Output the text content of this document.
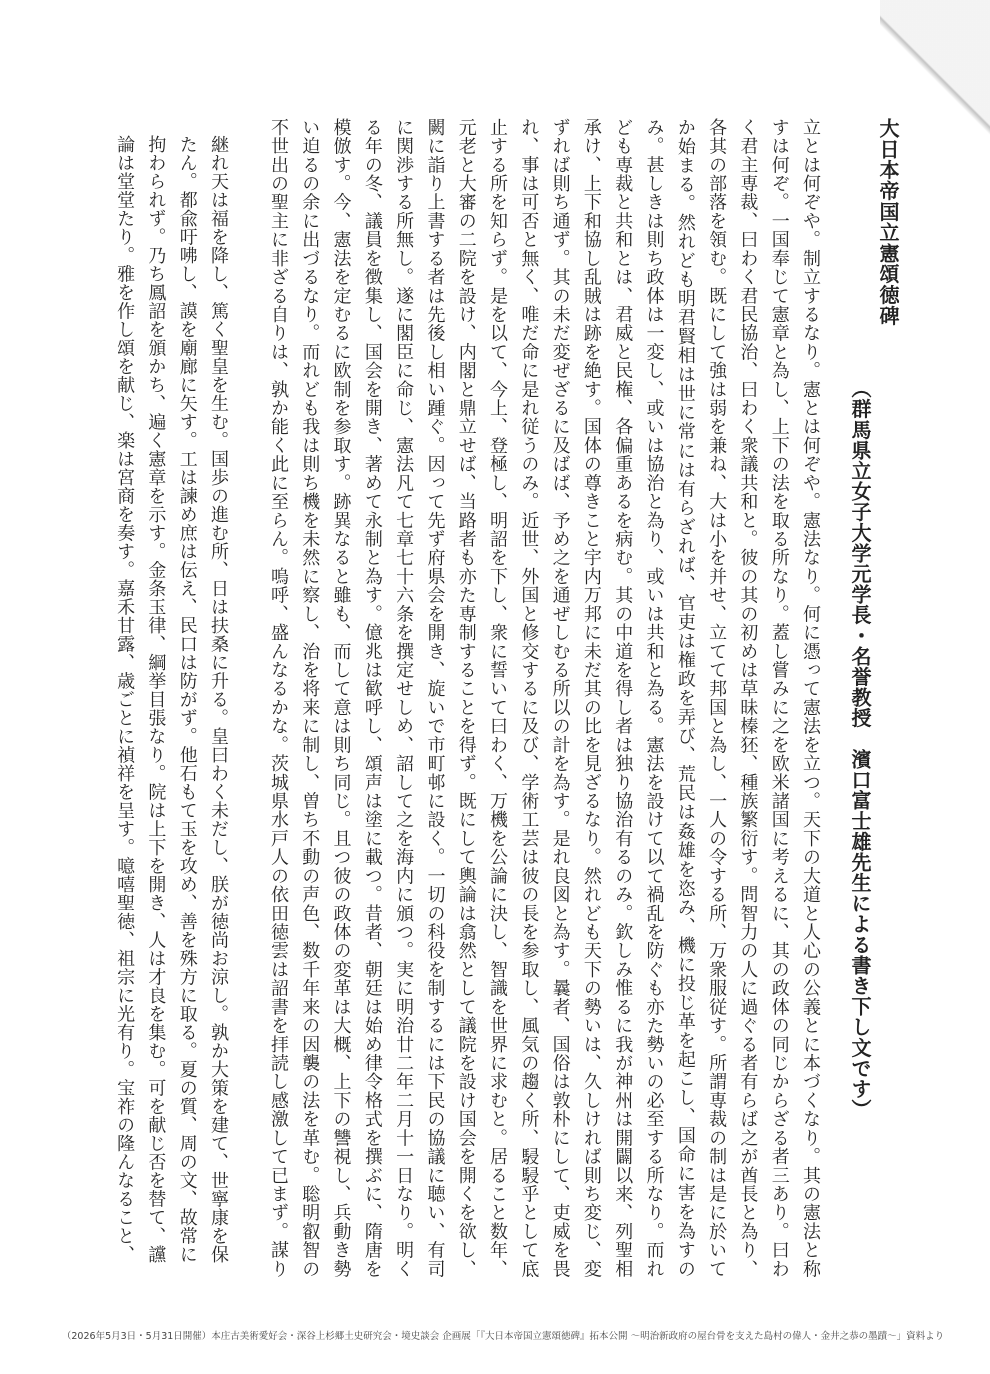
大日本帝国立憲頌徳碑
（群馬県立女子大学元学長・名誉教授　濱口富士雄先生による書き下し文です）
立とは何ぞや。制立するなり。憲とは何ぞや。憲法なり。何に憑って憲法を立つ。天下の大道と人心の公義とに本づくなり。其の憲法と称すは何ぞ。一国奉じて憲章と為し、上下の法を取る所なり。蓋し嘗みに之を欧米諸国に考えるに、其の政体の同じからざる者三あり。曰わく君主専裁、曰わく君民協治、曰わく衆議共和と。彼の其の初めは草昧榛狉、種族繁衍す。問智力の人に過ぐる者有らば之が酋長と為り、各其の部落を領む。既にして強は弱を兼ね、大は小を并せ、立てて邦国と為し、一人の令する所、万衆服従す。所謂専裁の制は是に於いてか始まる。然れども明君賢相は世に常には有らざれば、官吏は権政を弄び、荒民は姦雄を恣み、機に投じ革を起こし、国命に害を為すのみ。甚しきは則ち政体は一変し、或いは協治と為り、或いは共和と為る。憲法を設けて以て禍乱を防ぐも亦た勢いの必至する所なり。而れども専裁と共和とは、君威と民権、各偏重あるを病む。其の中道を得し者は独り協治有るのみ。欽しみ惟るに我が神州は開闢以来、列聖相承け、上下和協し乱賊は跡を絶す。国体の尊きこと宇内万邦に未だ其の比を見ざるなり。然れども天下の勢いは、久しければ則ち変じ、変ずれば則ち通ず。其の未だ変ぜざるに及ばば、予め之を通ぜしむる所以の計を為す。是れ良図と為す。曩者、国俗は敦朴にして、吏威を畏れ、事は可否と無く、唯だ命に是れ従うのみ。近世、外国と修交するに及び、学術工芸は彼の長を参取し、風気の趨く所、駸駸乎として底止する所を知らず。是を以て、今上、登極し、明詔を下し、衆に誓いて曰わく、万機を公論に決し、智識を世界に求むと。居ること数年、元老と大審の二院を設け、内閣と鼎立せば、当路者も亦た専制することを得ず。既にして輿論は翕然として議院を設け国会を開くを欲し、闕に詣り上書する者は先後し相い踵ぐ。因って先ず府県会を開き、旋いで市町邨に設く。一切の科役を制するには下民の協議に聴い、有司に関渉する所無し。遂に閣臣に命じ、憲法凡て七章七十六条を撰定せしめ、詔して之を海内に頒つ。実に明治廿二年二月十一日なり。明くる年の冬、議員を徴集し、国会を開き、著めて永制と為す。億兆は歓呼し、頌声は塗に載つ。昔者、朝廷は始め律令格式を撰ぶに、隋唐を模倣す。今、憲法を定むるに欧制を参取す。跡異なると雖も、而して意は則ち同じ。且つ彼の政体の変革は大概、上下の讐視し、兵動き勢い迫るの余に出づるなり。而れども我は則ち機を未然に察し、治を将来に制し、曽ち不動の声色、数千年来の因襲の法を革む。聡明叡智の不世出の聖主に非ざる自りは、孰か能く此に至らん。嗚呼、盛んなるかな。茨城県水戸人の依田徳雲は詔書を拝読し感激して已まず。謀り
継れ天は福を降し、篤く聖皇を生む。国歩の進む所、日は扶桑に升る。皇曰わく未だし、朕が徳尚お涼し。孰か大策を建て、世寧康を保たん。都兪吁咈し、謨を廟廊に矢す。工は諫め庶は伝え、民口は防がず。他石もて玉を攻め、善を殊方に取る。夏の質、周の文、故常に拘わられず。乃ち鳳詔を頒かち、遍く憲章を示す。金条玉律、綱挙目張なり。院は上下を開き、人は才良を集む。可を献じ否を替て、讜論は堂堂たり。雅を作し頌を献じ、楽は宮商を奏す。嘉禾甘露、歳ごとに禎祥を呈す。噫嘻聖徳、祖宗に光有り。宝祚の隆んなること、
（2026年5月3日・5月31日開催）本庄古美術愛好会・深谷上杉郷土史研究会・境史談会 企画展「『大日本帝国立憲頌徳碑』拓本公開 ～明治新政府の屋台骨を支えた島村の偉人・金井之恭の墨蹟～」資料より
